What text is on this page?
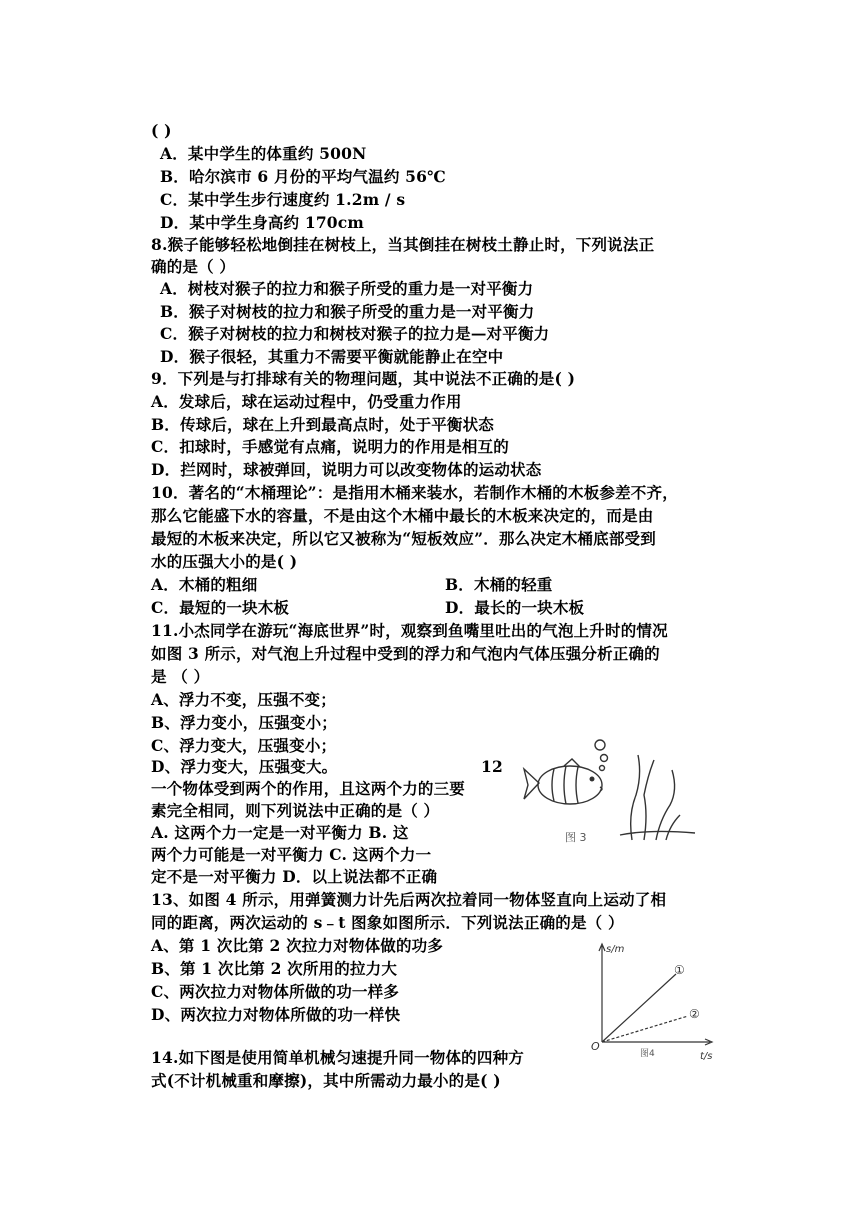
( )
A．某中学生的体重约 500N
B．哈尔滨市 6 月份的平均气温约 56℃
C．某中学生步行速度约 1.2m / s
D．某中学生身高约 170cm
8.猴子能够轻松地倒挂在树枝上，当其倒挂在树枝土静止时，下列说法正
确的是（ ）
A．树枝对猴子的拉力和猴子所受的重力是一对平衡力
B．猴子对树枝的拉力和猴子所受的重力是一对平衡力
C．猴子对树枝的拉力和树枝对猴子的拉力是—对平衡力
D．猴子很轻，其重力不需要平衡就能静止在空中
9．下列是与打排球有关的物理问题，其中说法不正确的是( )
A．发球后，球在运动过程中，仍受重力作用
B．传球后，球在上升到最高点时，处于平衡状态
C．扣球时，手感觉有点痛，说明力的作用是相互的
D．拦网时，球被弹回，说明力可以改变物体的运动状态
10．著名的“木桶理论”：是指用木桶来装水，若制作木桶的木板参差不齐，
那么它能盛下水的容量，不是由这个木桶中最长的木板来决定的，而是由
最短的木板来决定，所以它又被称为“短板效应”．那么决定木桶底部受到
水的压强大小的是( )
A．木桶的粗细	B．木桶的轻重
C．最短的一块木板	D．最长的一块木板
11.小杰同学在游玩“海底世界”时，观察到鱼嘴里吐出的气泡上升时的情况
如图 3 所示，对气泡上升过程中受到的浮力和气泡内气体压强分析正确的
是 （ ）
A、浮力不变，压强不变；
B、浮力变小，压强变小；
C、浮力变大，压强变小；
D、浮力变大，压强变大。	12
一个物体受到两个的作用，且这两个力的三要
素完全相同，则下列说法中正确的是（ ）
A. 这两个力一定是一对平衡力 B. 这
两个力可能是一对平衡力 C. 这两个力一
定不是一对平衡力 D．以上说法都不正确
13、如图 4 所示，用弹簧测力计先后两次拉着同一物体竖直向上运动了相
同的距离，两次运动的 s﹣t 图象如图所示．下列说法正确的是（ ）
A、第 1 次比第 2 次拉力对物体做的功多
B、第 1 次比第 2 次所用的拉力大
C、两次拉力对物体所做的功一样多
D、两次拉力对物体所做的功一样快
14.如下图是使用简单机械匀速提升同一物体的四种方
式(不计机械重和摩擦)，其中所需动力最小的是( )
图 3
s/m
t/s
O
①
②
图4
